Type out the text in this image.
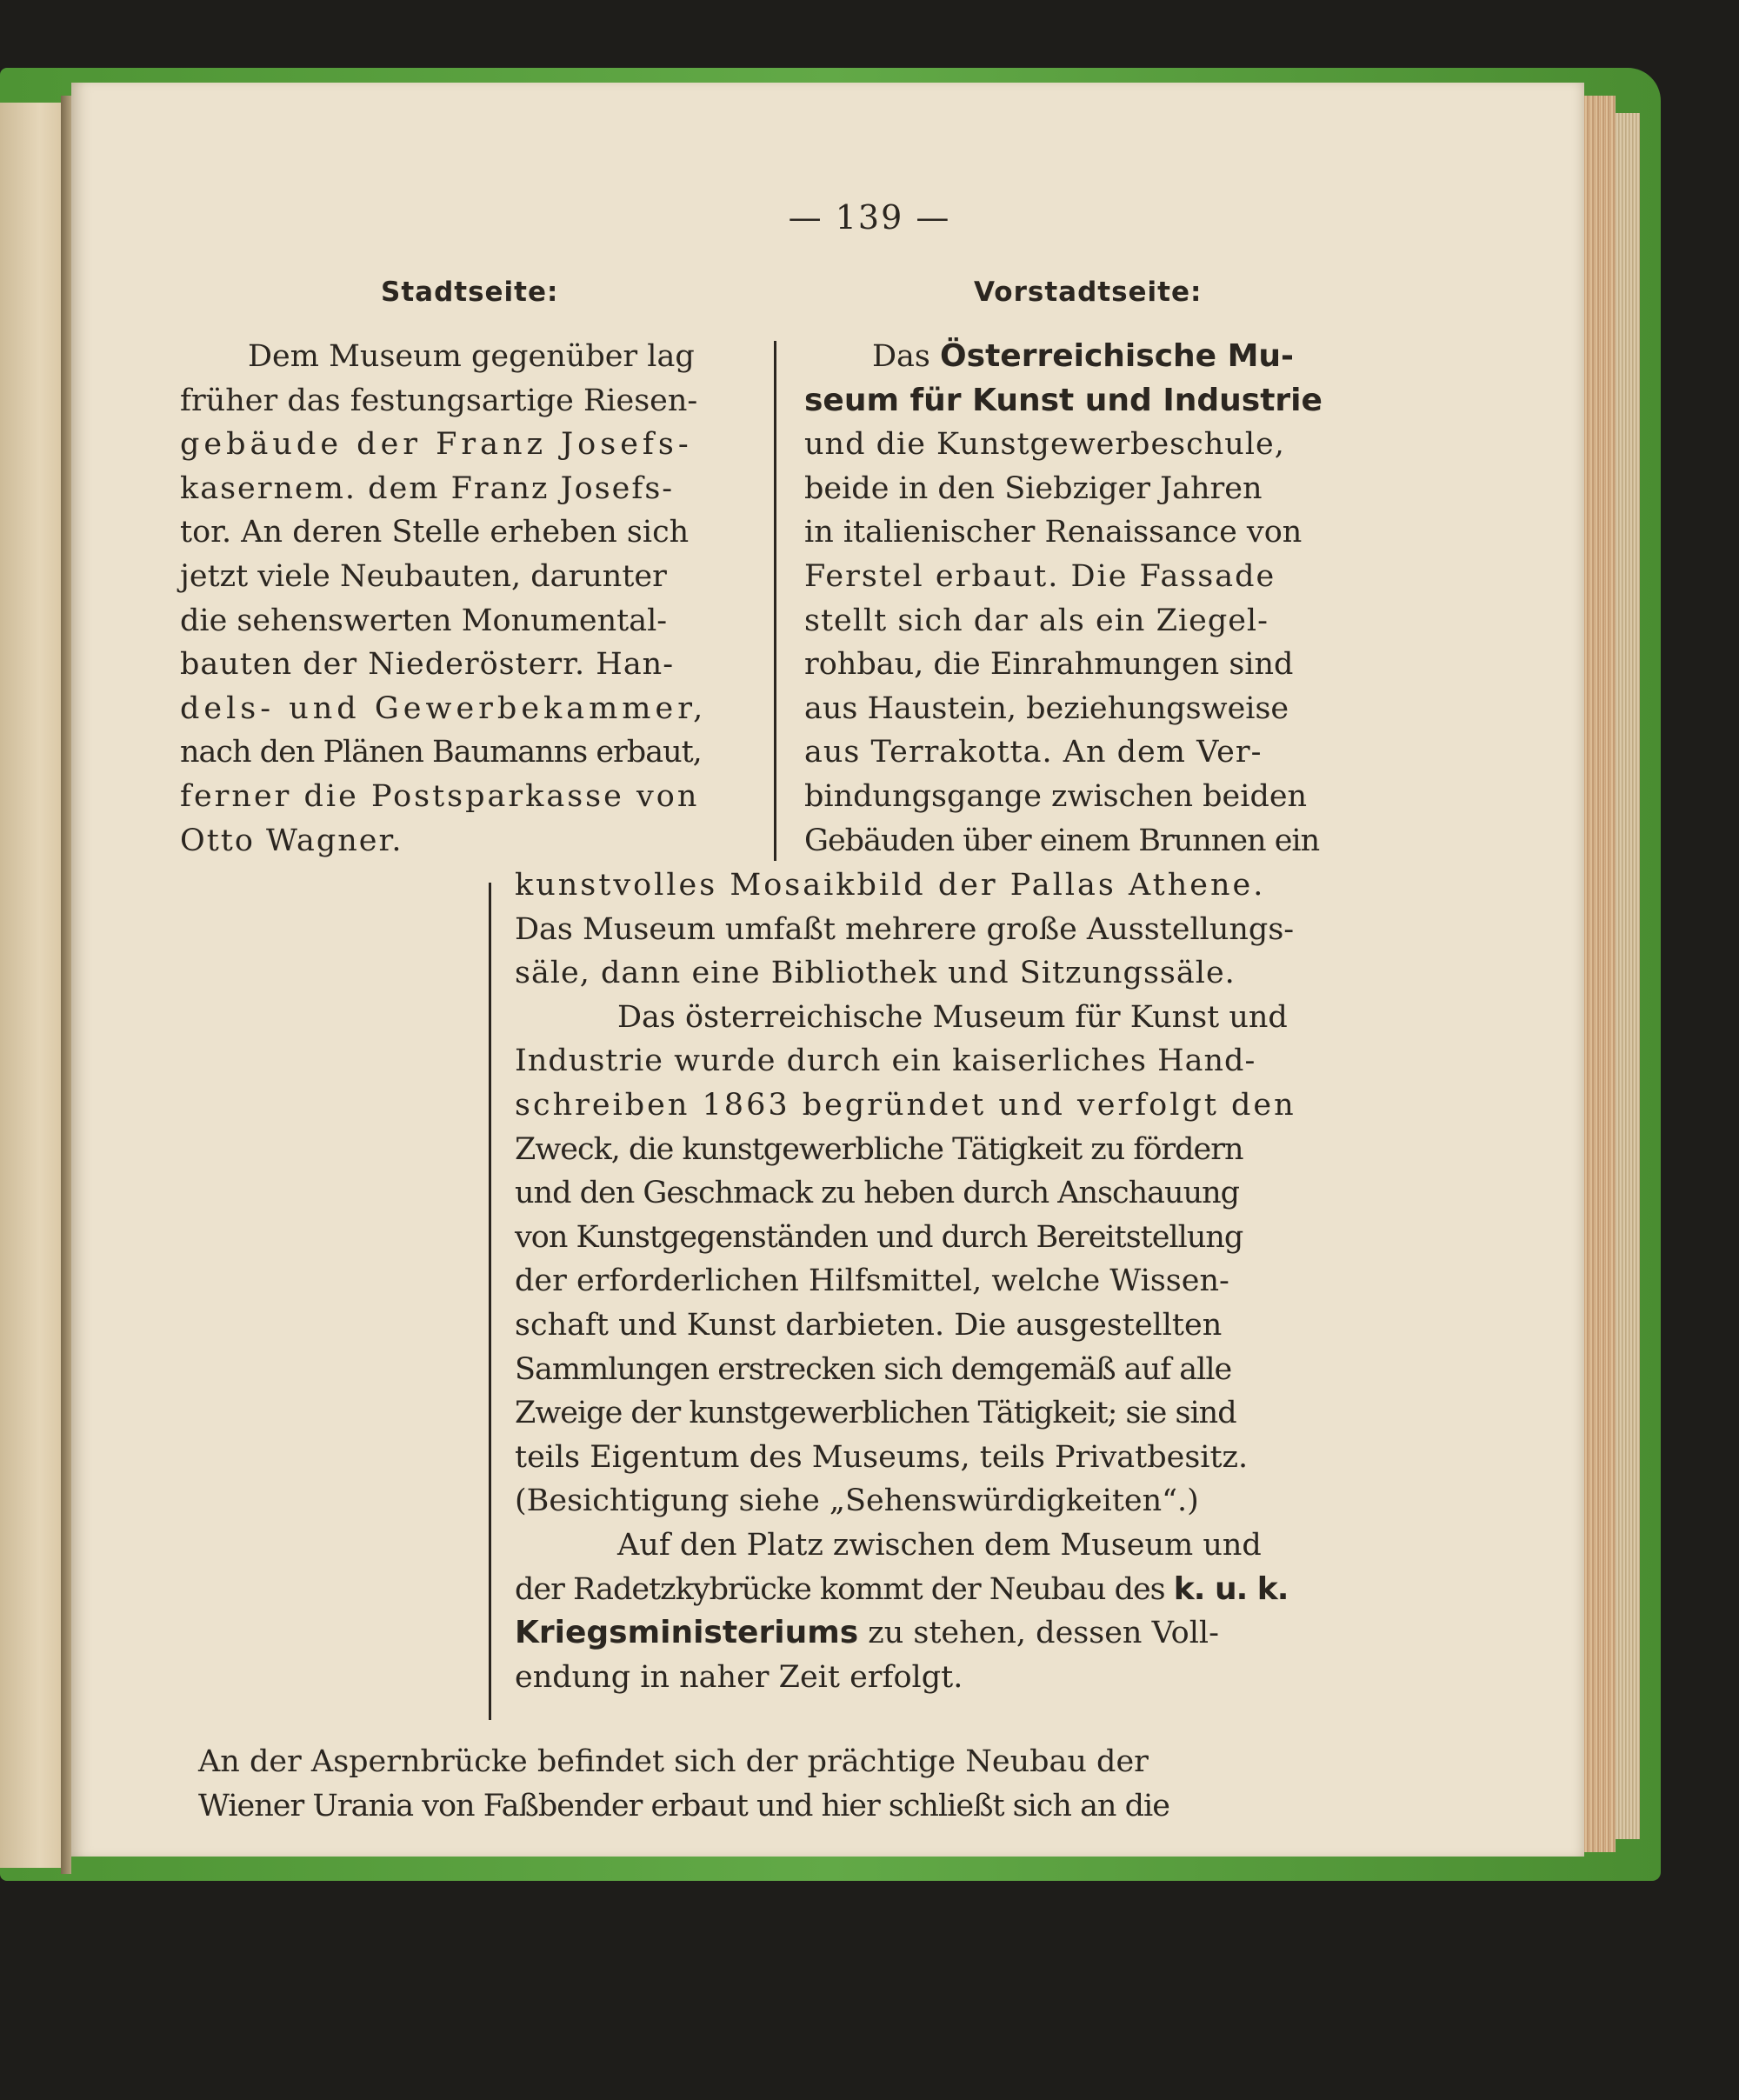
— 139 —
Stadtseite:	Vorstadtseite:
Dem Museum gegenüber lag
früher das festungsartige Riesen-
gebäude der Franz Josefs-
kasernem. dem Franz Josefs-
tor. An deren Stelle erheben sich
jetzt viele Neubauten, darunter
die sehenswerten Monumental-
bauten der Niederösterr. Han-
dels- und Gewerbekammer,
nach den Plänen Baumanns erbaut,
ferner die Postsparkasse von
Otto Wagner.
Das Österreichische Mu-
seum für Kunst und Industrie
und die Kunstgewerbeschule,
beide in den Siebziger Jahren
in italienischer Renaissance von
Ferstel erbaut. Die Fassade
stellt sich dar als ein Ziegel-
rohbau, die Einrahmungen sind
aus Haustein, beziehungsweise
aus Terrakotta. An dem Ver-
bindungsgange zwischen beiden
Gebäuden über einem Brunnen ein
kunstvolles Mosaikbild der Pallas Athene.
Das Museum umfaßt mehrere große Ausstellungs-
säle, dann eine Bibliothek und Sitzungssäle.
Das österreichische Museum für Kunst und
Industrie wurde durch ein kaiserliches Hand-
schreiben 1863 begründet und verfolgt den
Zweck, die kunstgewerbliche Tätigkeit zu fördern
und den Geschmack zu heben durch Anschauung
von Kunstgegenständen und durch Bereitstellung
der erforderlichen Hilfsmittel, welche Wissen-
schaft und Kunst darbieten. Die ausgestellten
Sammlungen erstrecken sich demgemäß auf alle
Zweige der kunstgewerblichen Tätigkeit; sie sind
teils Eigentum des Museums, teils Privatbesitz.
(Besichtigung siehe „Sehenswürdigkeiten“.)
Auf den Platz zwischen dem Museum und
der Radetzkybrücke kommt der Neubau des k. u. k.
Kriegsministeriums zu stehen, dessen Voll-
endung in naher Zeit erfolgt.
An der Aspernbrücke befindet sich der prächtige Neubau der
Wiener Urania von Faßbender erbaut und hier schließt sich an die
